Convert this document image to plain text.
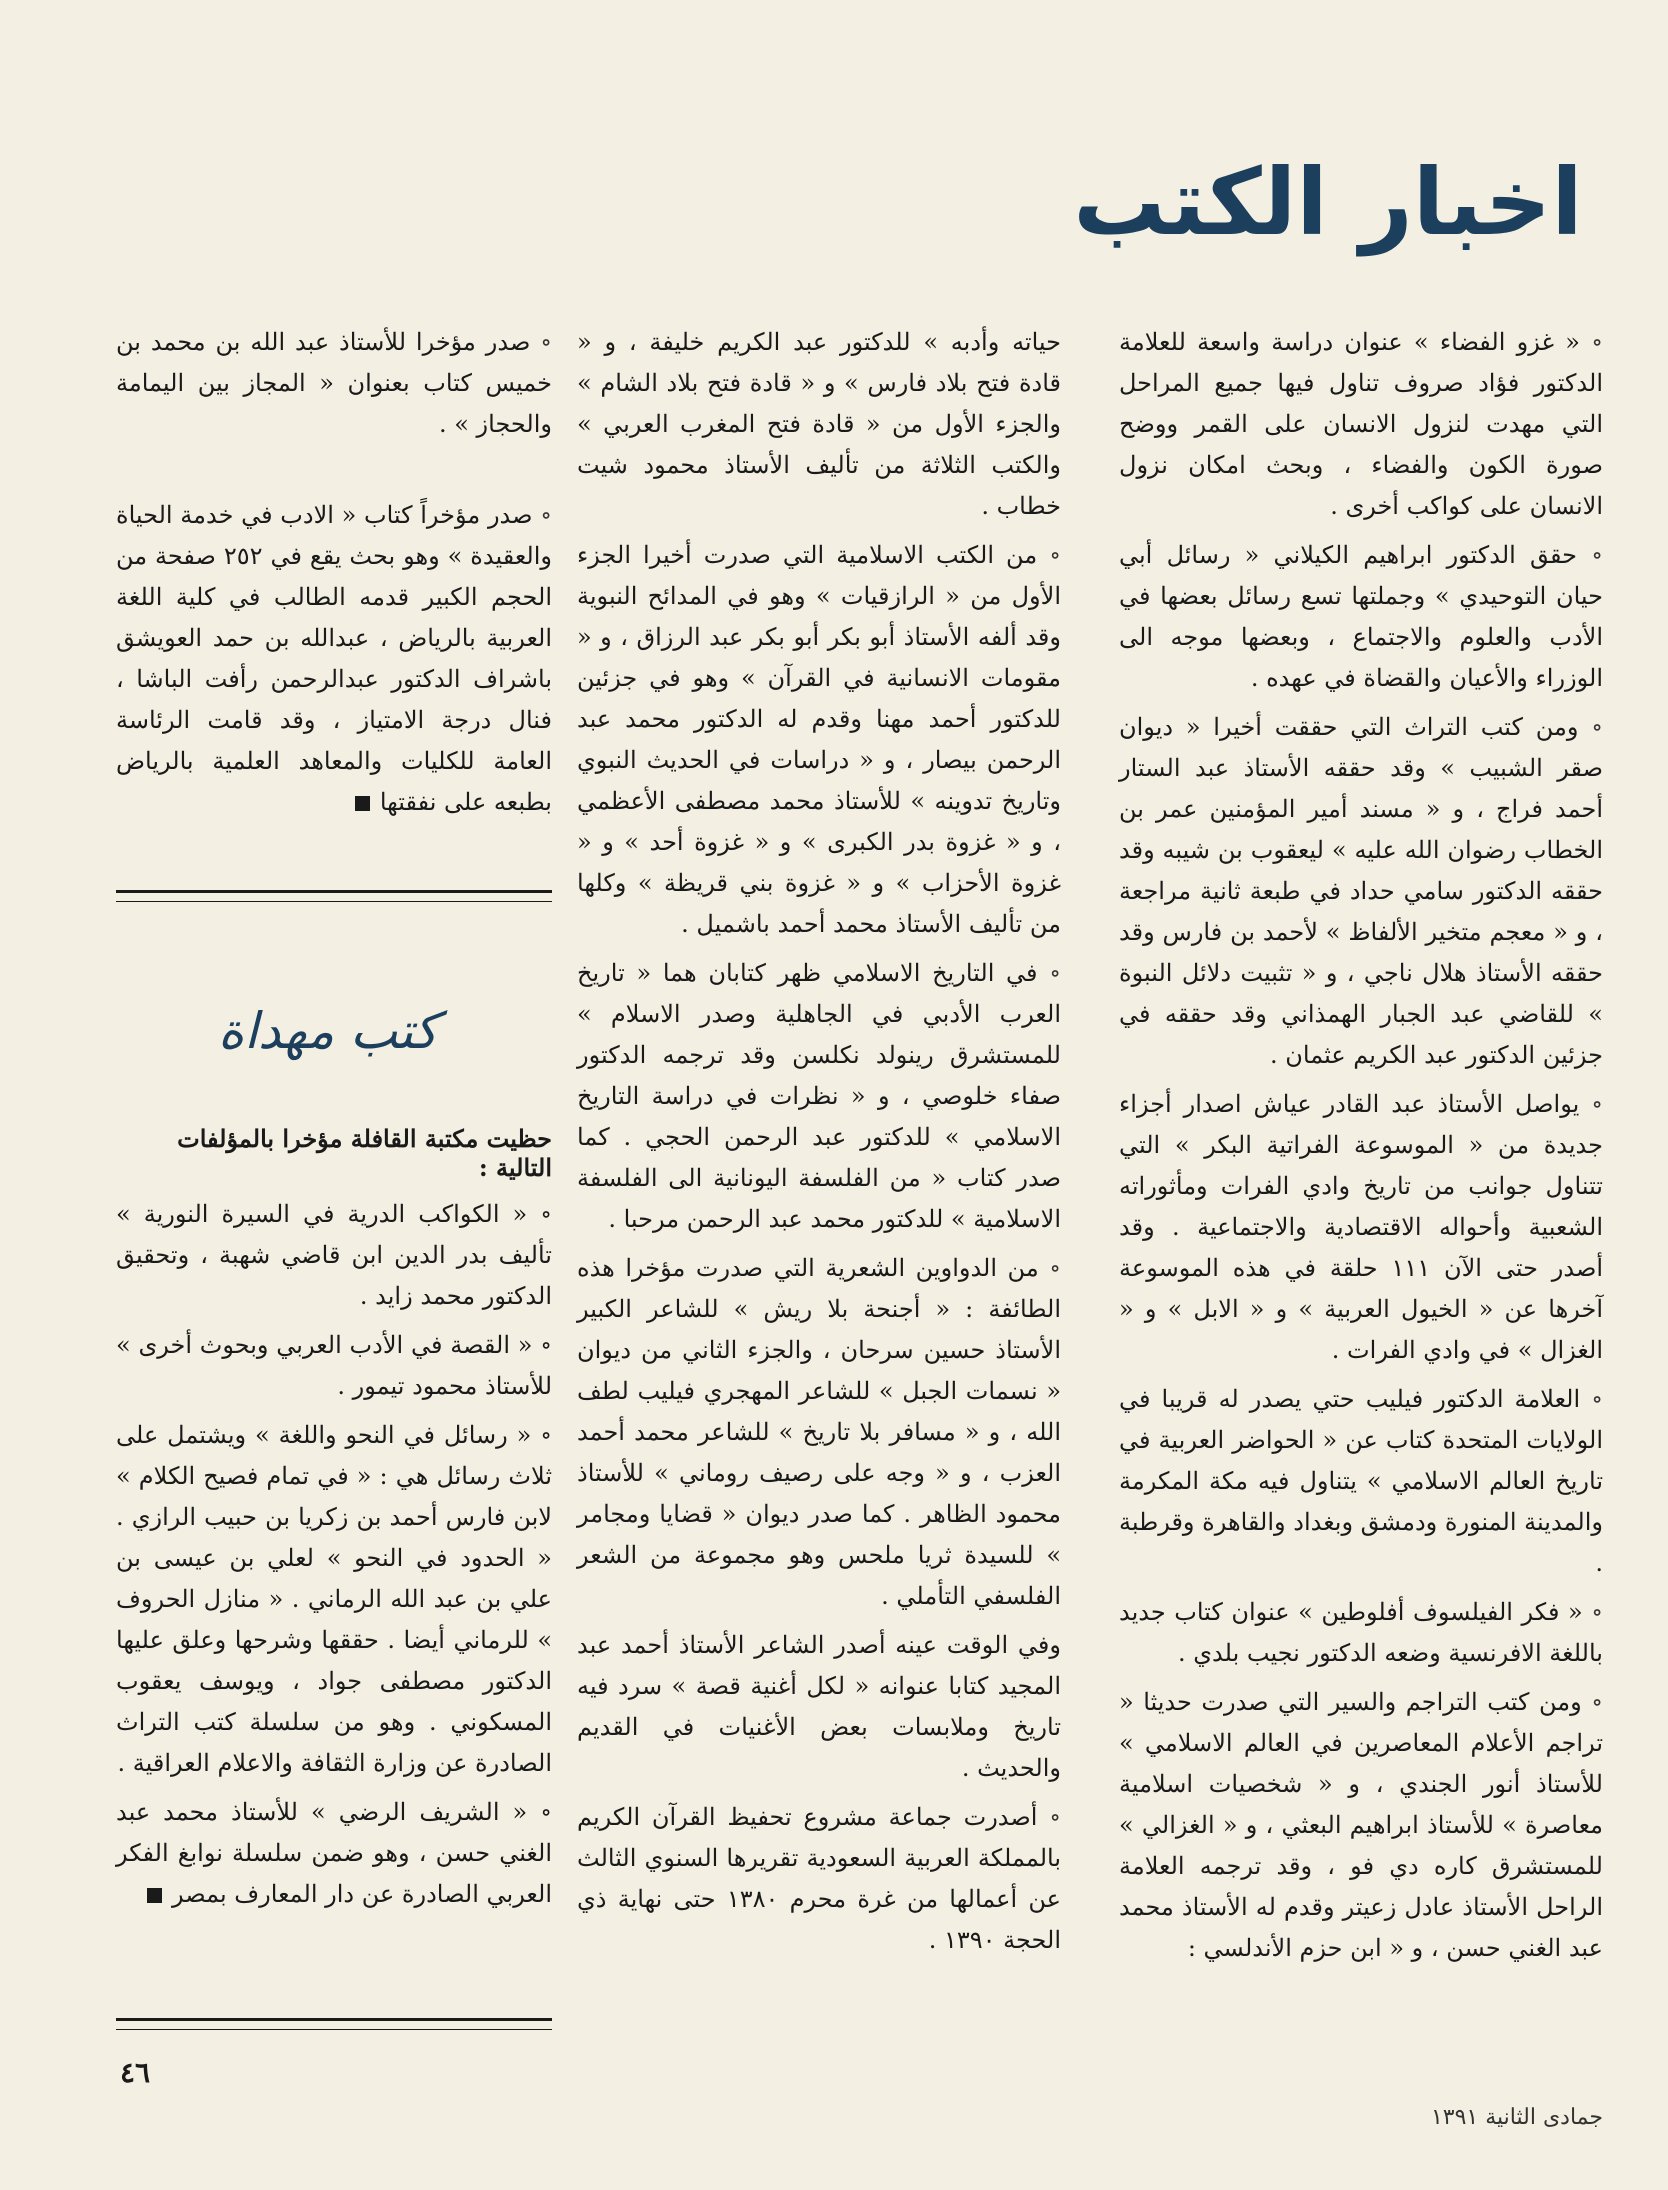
اخبار الكتب

∘ « غزو الفضاء » عنوان دراسة واسعة للعلامة الدكتور فؤاد صروف تناول فيها جميع المراحل التي مهدت لنزول الانسان على القمر ووضح صورة الكون والفضاء ، وبحث امكان نزول الانسان على كواكب أخرى .

∘ حقق الدكتور ابراهيم الكيلاني « رسائل أبي حيان التوحيدي » وجملتها تسع رسائل بعضها في الأدب والعلوم والاجتماع ، وبعضها موجه الى الوزراء والأعيان والقضاة في عهده .

∘ ومن كتب التراث التي حققت أخيرا « ديوان صقر الشبيب » وقد حققه الأستاذ عبد الستار أحمد فراج ، و « مسند أمير المؤمنين عمر بن الخطاب رضوان الله عليه » ليعقوب بن شيبه وقد حققه الدكتور سامي حداد في طبعة ثانية مراجعة ، و « معجم متخير الألفاظ » لأحمد بن فارس وقد حققه الأستاذ هلال ناجي ، و « تثبيت دلائل النبوة » للقاضي عبد الجبار الهمذاني وقد حققه في جزئين الدكتور عبد الكريم عثمان .

∘ يواصل الأستاذ عبد القادر عياش اصدار أجزاء جديدة من « الموسوعة الفراتية البكر » التي تتناول جوانب من تاريخ وادي الفرات ومأثوراته الشعبية وأحواله الاقتصادية والاجتماعية . وقد أصدر حتى الآن ١١١ حلقة في هذه الموسوعة آخرها عن « الخيول العربية » و « الابل » و « الغزال » في وادي الفرات .

∘ العلامة الدكتور فيليب حتي يصدر له قريبا في الولايات المتحدة كتاب عن « الحواضر العربية في تاريخ العالم الاسلامي » يتناول فيه مكة المكرمة والمدينة المنورة ودمشق وبغداد والقاهرة وقرطبة .

∘ « فكر الفيلسوف أفلوطين » عنوان كتاب جديد باللغة الافرنسية وضعه الدكتور نجيب بلدي .

∘ ومن كتب التراجم والسير التي صدرت حديثا « تراجم الأعلام المعاصرين في العالم الاسلامي » للأستاذ أنور الجندي ، و « شخصيات اسلامية معاصرة » للأستاذ ابراهيم البعثي ، و « الغزالي » للمستشرق كاره دي فو ، وقد ترجمه العلامة الراحل الأستاذ عادل زعيتر وقدم له الأستاذ محمد عبد الغني حسن ، و « ابن حزم الأندلسي :

حياته وأدبه » للدكتور عبد الكريم خليفة ، و « قادة فتح بلاد فارس » و « قادة فتح بلاد الشام » والجزء الأول من « قادة فتح المغرب العربي » والكتب الثلاثة من تأليف الأستاذ محمود شيت خطاب .

∘ من الكتب الاسلامية التي صدرت أخيرا الجزء الأول من « الرازقيات » وهو في المدائح النبوية وقد ألفه الأستاذ أبو بكر أبو بكر عبد الرزاق ، و « مقومات الانسانية في القرآن » وهو في جزئين للدكتور أحمد مهنا وقدم له الدكتور محمد عبد الرحمن بيصار ، و « دراسات في الحديث النبوي وتاريخ تدوينه » للأستاذ محمد مصطفى الأعظمي ، و « غزوة بدر الكبرى » و « غزوة أحد » و « غزوة الأحزاب » و « غزوة بني قريظة » وكلها من تأليف الأستاذ محمد أحمد باشميل .

∘ في التاريخ الاسلامي ظهر كتابان هما « تاريخ العرب الأدبي في الجاهلية وصدر الاسلام » للمستشرق رينولد نكلسن وقد ترجمه الدكتور صفاء خلوصي ، و « نظرات في دراسة التاريخ الاسلامي » للدكتور عبد الرحمن الحجي . كما صدر كتاب « من الفلسفة اليونانية الى الفلسفة الاسلامية » للدكتور محمد عبد الرحمن مرحبا .

∘ من الدواوين الشعرية التي صدرت مؤخرا هذه الطائفة : « أجنحة بلا ريش » للشاعر الكبير الأستاذ حسين سرحان ، والجزء الثاني من ديوان « نسمات الجبل » للشاعر المهجري فيليب لطف الله ، و « مسافر بلا تاريخ » للشاعر محمد أحمد العزب ، و « وجه على رصيف روماني » للأستاذ محمود الظاهر . كما صدر ديوان « قضايا ومجامر » للسيدة ثريا ملحس وهو مجموعة من الشعر الفلسفي التأملي .

وفي الوقت عينه أصدر الشاعر الأستاذ أحمد عبد المجيد كتابا عنوانه « لكل أغنية قصة » سرد فيه تاريخ وملابسات بعض الأغنيات في القديم والحديث .

∘ أصدرت جماعة مشروع تحفيظ القرآن الكريم بالمملكة العربية السعودية تقريرها السنوي الثالث عن أعمالها من غرة محرم ١٣٨٠ حتى نهاية ذي الحجة ١٣٩٠ .

∘ صدر مؤخرا للأستاذ عبد الله بن محمد بن خميس كتاب بعنوان « المجاز بين اليمامة والحجاز » .

∘ صدر مؤخراً كتاب « الادب في خدمة الحياة والعقيدة » وهو بحث يقع في ٢٥٢ صفحة من الحجم الكبير قدمه الطالب في كلية اللغة العربية بالرياض ، عبدالله بن حمد العويشق باشراف الدكتور عبدالرحمن رأفت الباشا ، فنال درجة الامتياز ، وقد قامت الرئاسة العامة للكليات والمعاهد العلمية بالرياض بطبعه على نفقتها

كتب مهداة
حظيت مكتبة القافلة مؤخرا بالمؤلفات التالية :

∘ « الكواكب الدرية في السيرة النورية » تأليف بدر الدين ابن قاضي شهبة ، وتحقيق الدكتور محمد زايد .

∘ « القصة في الأدب العربي وبحوث أخرى » للأستاذ محمود تيمور .

∘ « رسائل في النحو واللغة » ويشتمل على ثلاث رسائل هي : « في تمام فصيح الكلام » لابن فارس أحمد بن زكريا بن حبيب الرازي . « الحدود في النحو » لعلي بن عيسى بن علي بن عبد الله الرماني . « منازل الحروف » للرماني أيضا . حققها وشرحها وعلق عليها الدكتور مصطفى جواد ، ويوسف يعقوب المسكوني . وهو من سلسلة كتب التراث الصادرة عن وزارة الثقافة والاعلام العراقية .

∘ « الشريف الرضي » للأستاذ محمد عبد الغني حسن ، وهو ضمن سلسلة نوابغ الفكر العربي الصادرة عن دار المعارف بمصر

٤٦
جمادى الثانية ١٣٩١
